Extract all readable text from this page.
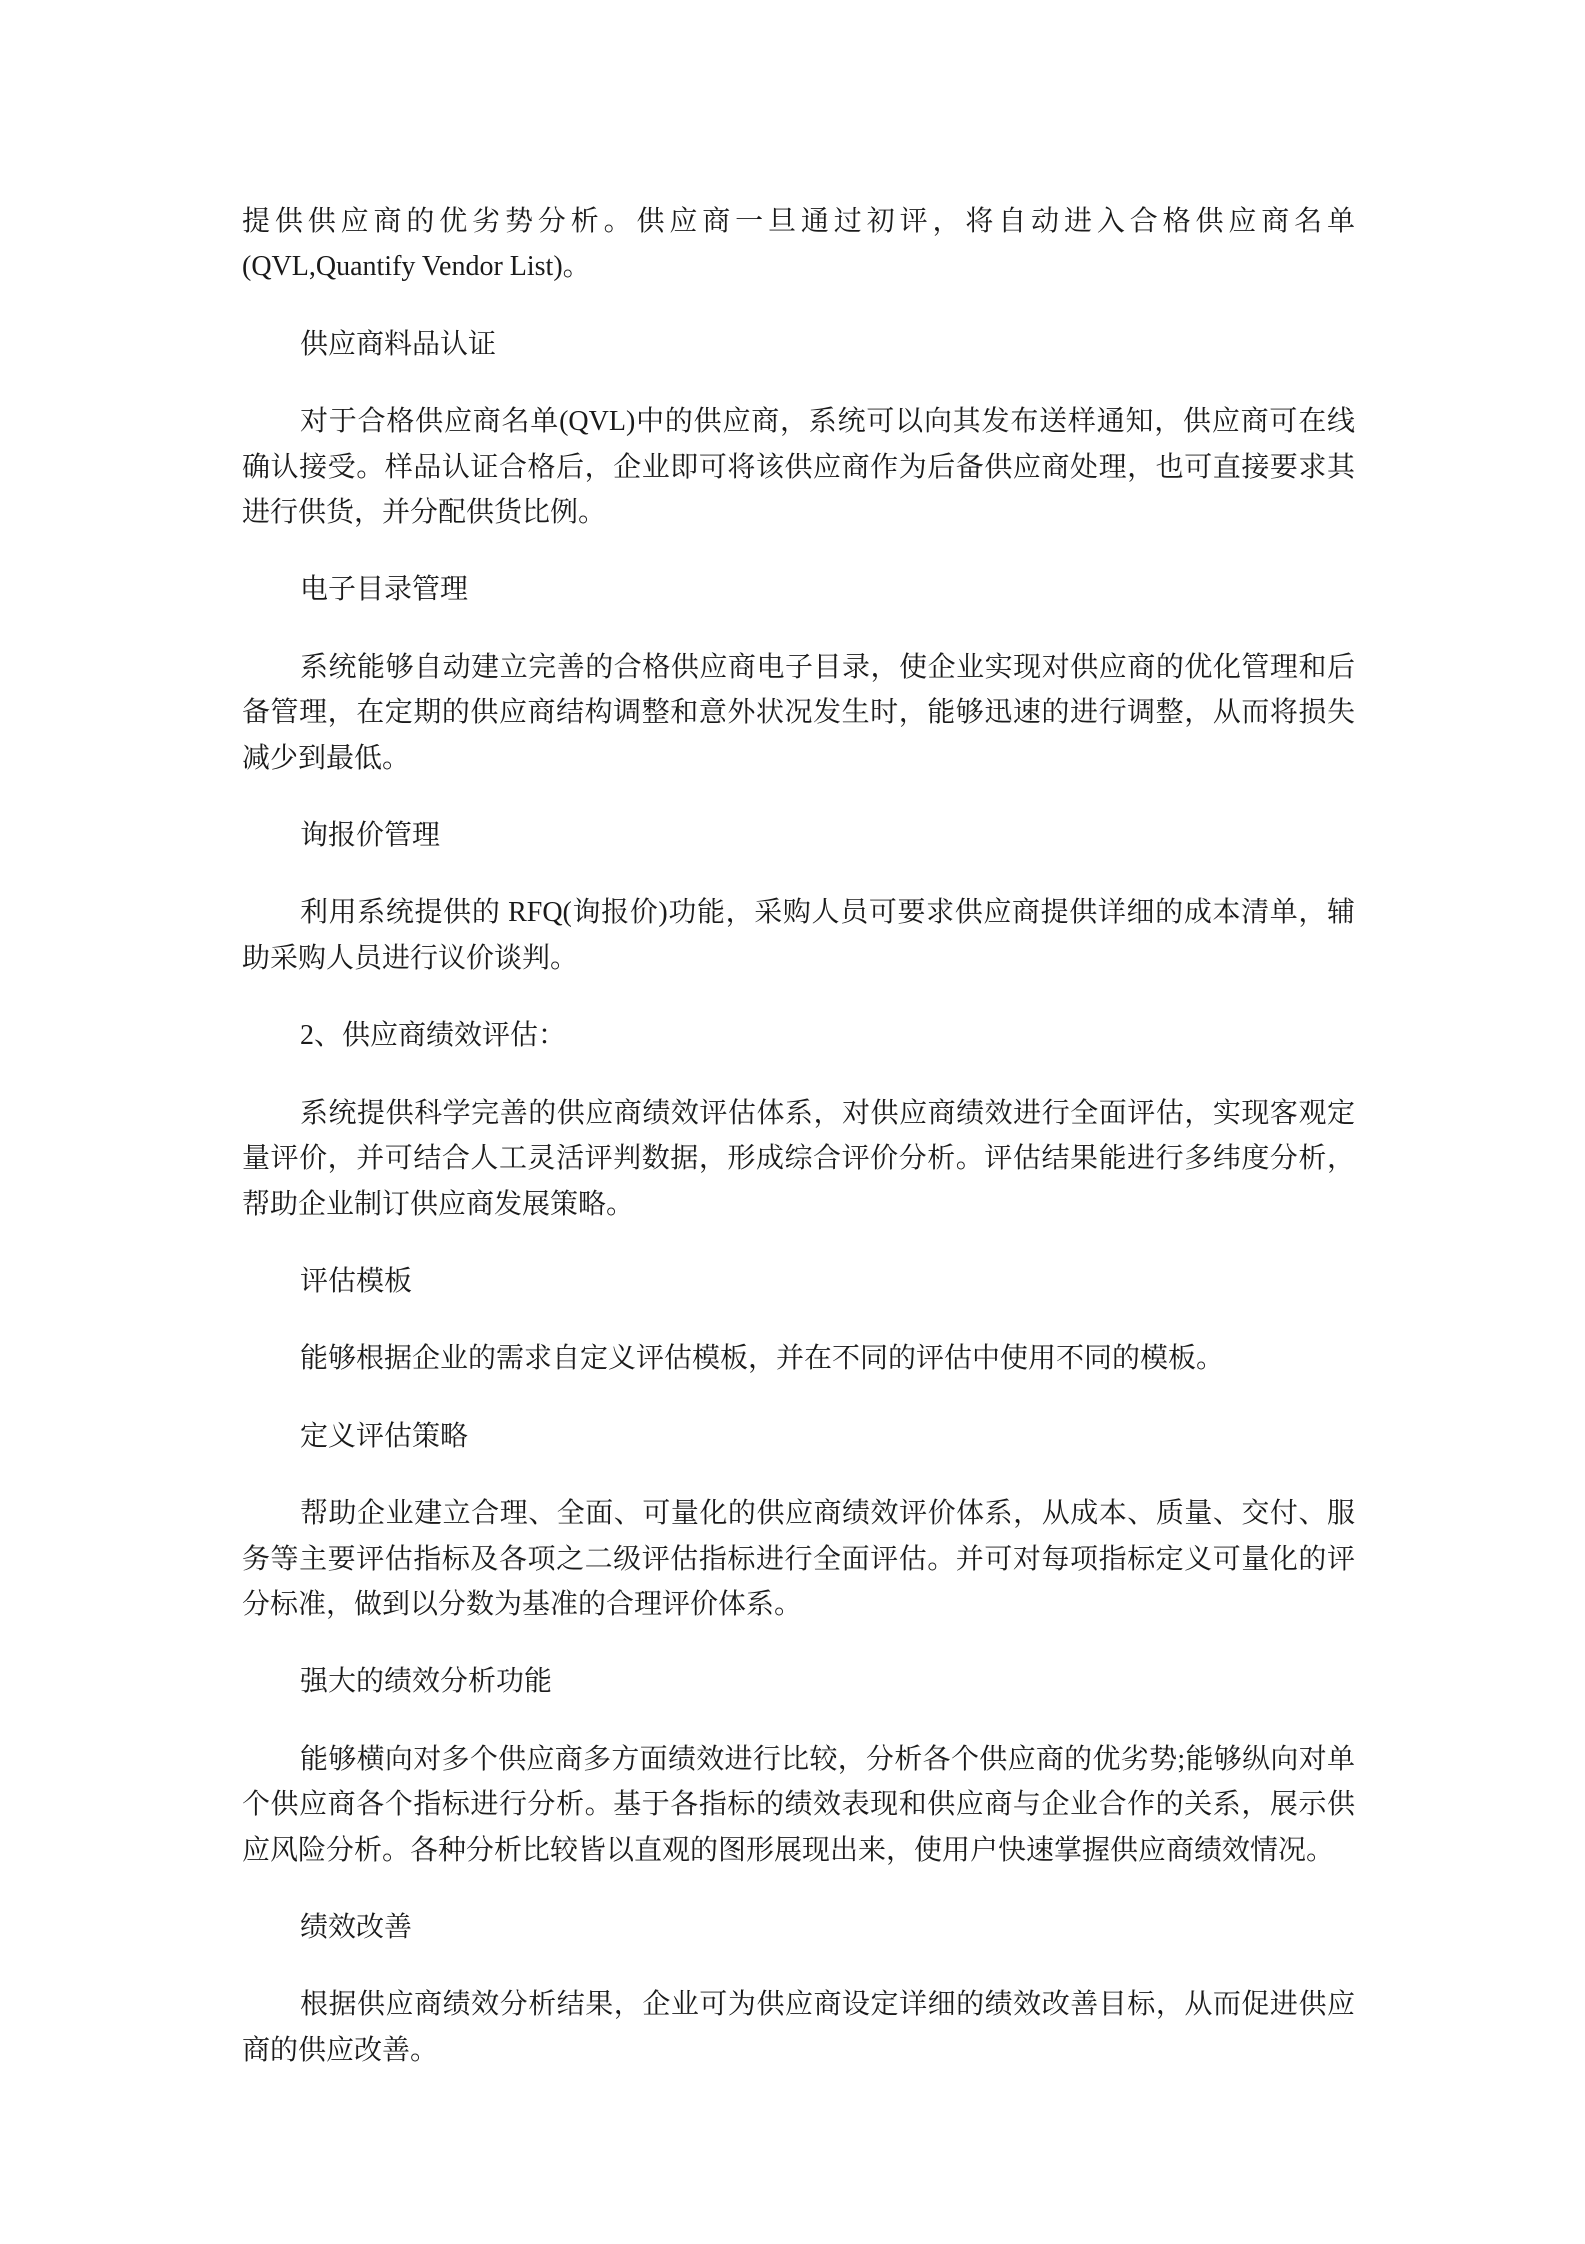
提供供应商的优劣势分析。供应商一旦通过初评，将自动进入合格供应商名单(QVL,Quantify Vendor List)。

供应商料品认证

对于合格供应商名单(QVL)中的供应商，系统可以向其发布送样通知，供应商可在线确认接受。样品认证合格后，企业即可将该供应商作为后备供应商处理，也可直接要求其进行供货，并分配供货比例。

电子目录管理

系统能够自动建立完善的合格供应商电子目录，使企业实现对供应商的优化管理和后备管理，在定期的供应商结构调整和意外状况发生时，能够迅速的进行调整，从而将损失减少到最低。

询报价管理

利用系统提供的 RFQ(询报价)功能，采购人员可要求供应商提供详细的成本清单，辅助采购人员进行议价谈判。

2、供应商绩效评估：

系统提供科学完善的供应商绩效评估体系，对供应商绩效进行全面评估，实现客观定量评价，并可结合人工灵活评判数据，形成综合评价分析。评估结果能进行多纬度分析，帮助企业制订供应商发展策略。

评估模板

能够根据企业的需求自定义评估模板，并在不同的评估中使用不同的模板。

定义评估策略

帮助企业建立合理、全面、可量化的供应商绩效评价体系，从成本、质量、交付、服务等主要评估指标及各项之二级评估指标进行全面评估。并可对每项指标定义可量化的评分标准，做到以分数为基准的合理评价体系。

强大的绩效分析功能

能够横向对多个供应商多方面绩效进行比较，分析各个供应商的优劣势;能够纵向对单个供应商各个指标进行分析。基于各指标的绩效表现和供应商与企业合作的关系，展示供应风险分析。各种分析比较皆以直观的图形展现出来，使用户快速掌握供应商绩效情况。

绩效改善

根据供应商绩效分析结果，企业可为供应商设定详细的绩效改善目标，从而促进供应商的供应改善。
